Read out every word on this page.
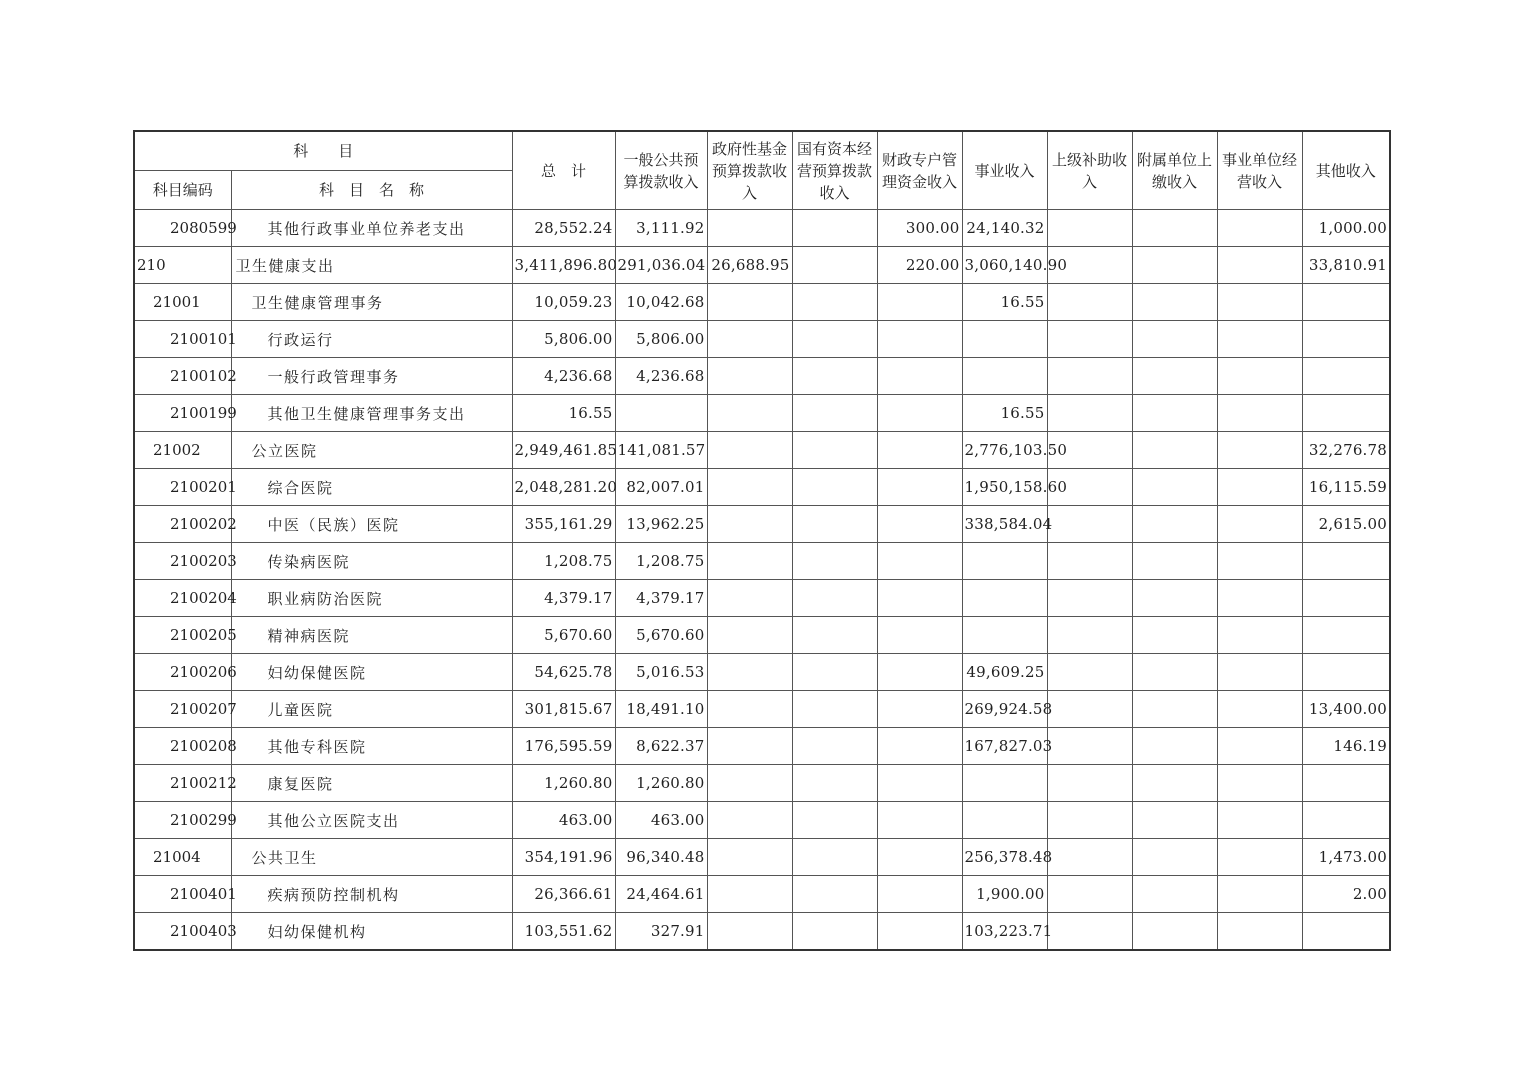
科　　目		总　计	一般公共预算拨款收入	政府性基金预算拨款收入	国有资本经营预算拨款收入	财政专户管理资金收入	事业收入	上级补助收入	附属单位上缴收入	事业单位经营收入	其他收入
科目编码	科　目　名　称										
2080599	其他行政事业单位养老支出	28,552.24	3,111.92			300.00	24,140.32				1,000.00
210	卫生健康支出	3,411,896.80	291,036.04	26,688.95		220.00	3,060,140.90				33,810.91
21001	卫生健康管理事务	10,059.23	10,042.68				16.55				
2100101	行政运行	5,806.00	5,806.00								
2100102	一般行政管理事务	4,236.68	4,236.68								
2100199	其他卫生健康管理事务支出	16.55					16.55				
21002	公立医院	2,949,461.85	141,081.57				2,776,103.50				32,276.78
2100201	综合医院	2,048,281.20	82,007.01				1,950,158.60				16,115.59
2100202	中医（民族）医院	355,161.29	13,962.25				338,584.04				2,615.00
2100203	传染病医院	1,208.75	1,208.75								
2100204	职业病防治医院	4,379.17	4,379.17								
2100205	精神病医院	5,670.60	5,670.60								
2100206	妇幼保健医院	54,625.78	5,016.53				49,609.25				
2100207	儿童医院	301,815.67	18,491.10				269,924.58				13,400.00
2100208	其他专科医院	176,595.59	8,622.37				167,827.03				146.19
2100212	康复医院	1,260.80	1,260.80								
2100299	其他公立医院支出	463.00	463.00								
21004	公共卫生	354,191.96	96,340.48				256,378.48				1,473.00
2100401	疾病预防控制机构	26,366.61	24,464.61				1,900.00				2.00
2100403	妇幼保健机构	103,551.62	327.91				103,223.71				
